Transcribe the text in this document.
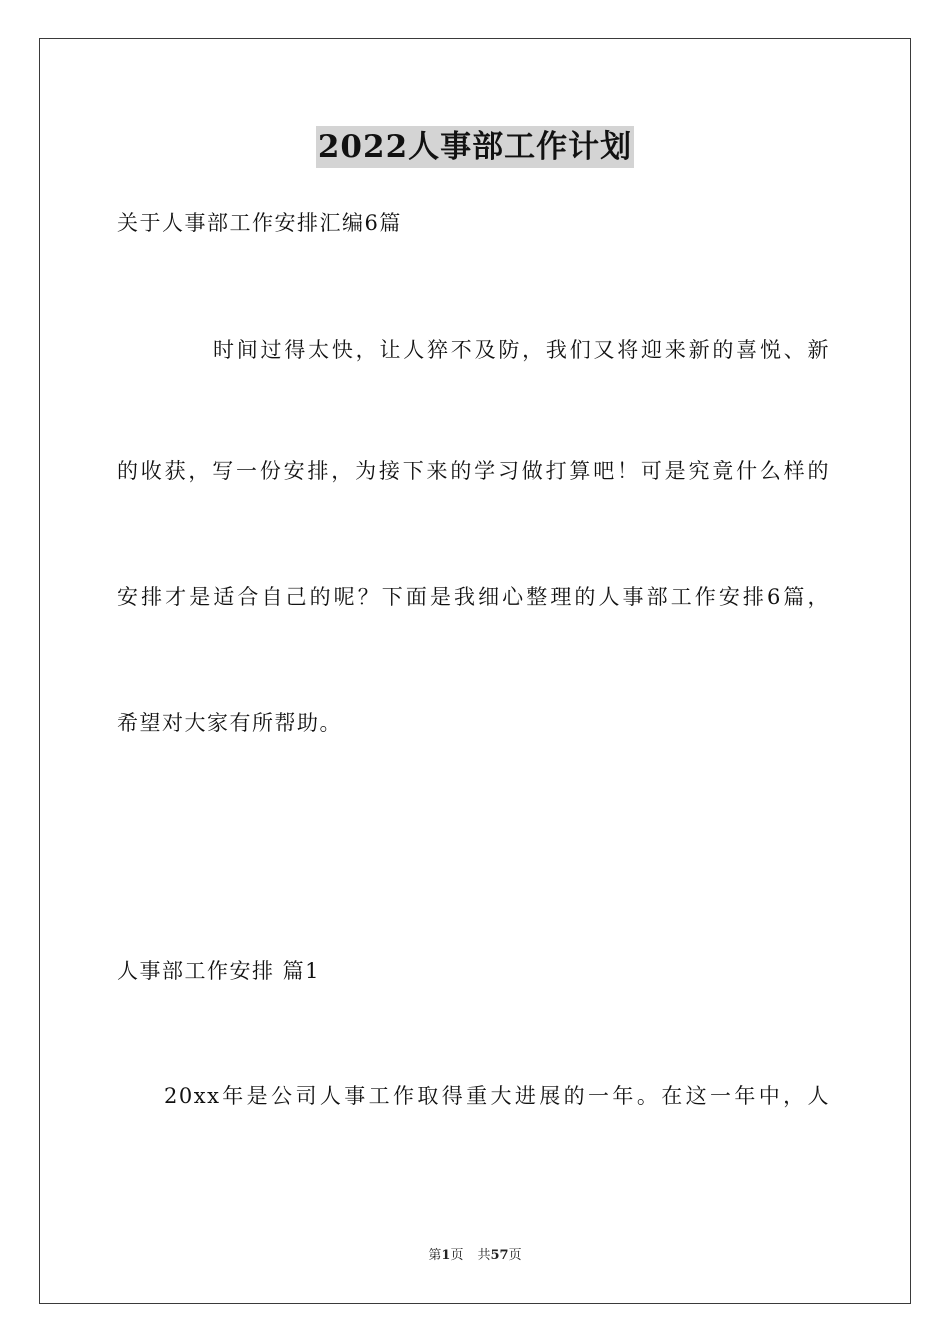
2022人事部工作计划
关于人事部工作安排汇编6篇
时间过得太快，让人猝不及防，我们又将迎来新的喜悦、新
的收获，写一份安排，为接下来的学习做打算吧！可是究竟什么样的
安排才是适合自己的呢？下面是我细心整理的人事部工作安排6篇，
希望对大家有所帮助。
人事部工作安排 篇1
20xx年是公司人事工作取得重大进展的一年。在这一年中，人
第1页 共57页
